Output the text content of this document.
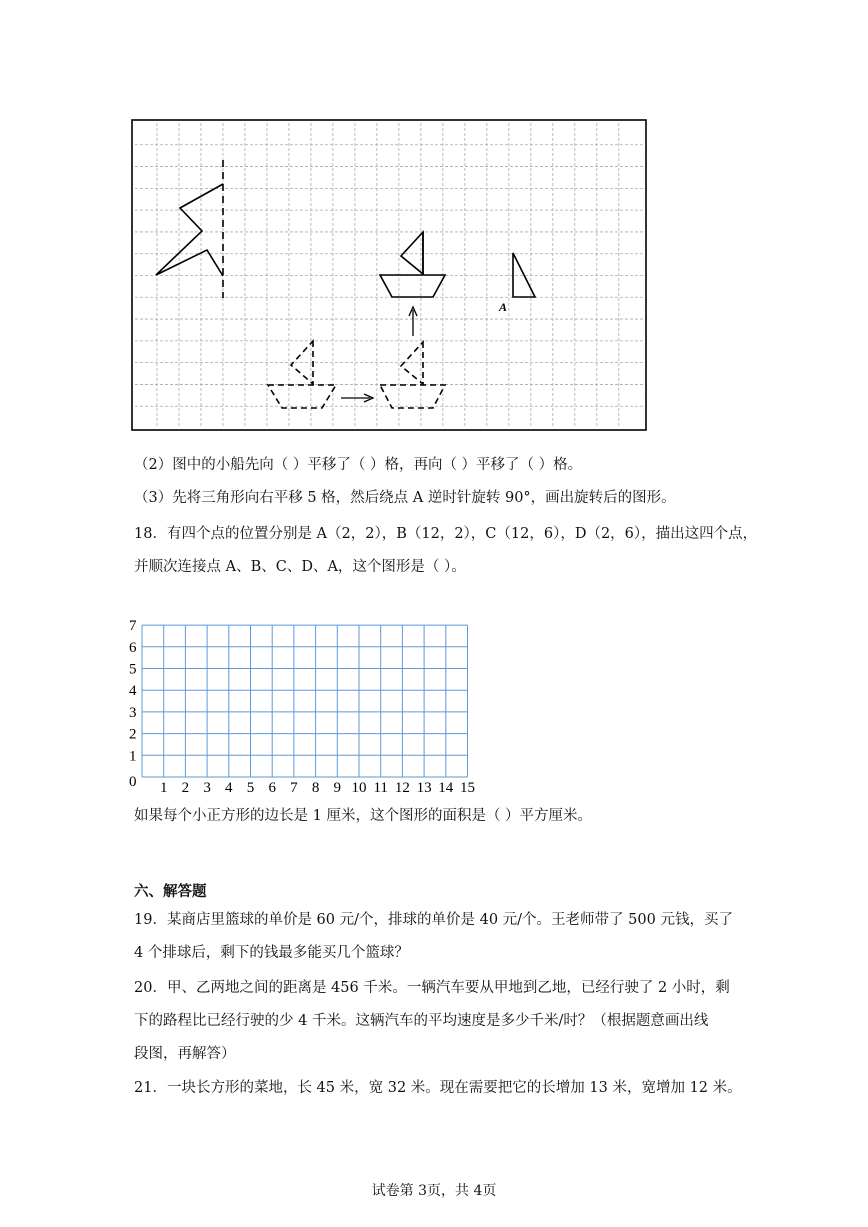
A
（2）图中的小船先向（ ）平移了（ ）格，再向（ ）平移了（ ）格。
（3）先将三角形向右平移 5 格，然后绕点 A 逆时针旋转 90°，画出旋转后的图形。
18．有四个点的位置分别是 A（2，2），B（12，2），C（12，6），D（2，6），描出这四个点，
并顺次连接点 A、B、C、D、A，这个图形是（ ）。
1 2 3 4 5 6 7 8 9 10 11 12 13 14 15
1
2
3
4
5
6
7
0
如果每个小正方形的边长是 1 厘米，这个图形的面积是（ ）平方厘米。
六、解答题
19．某商店里篮球的单价是 60 元/个，排球的单价是 40 元/个。王老师带了 500 元钱，买了
4 个排球后，剩下的钱最多能买几个篮球？
20．甲、乙两地之间的距离是 456 千米。一辆汽车要从甲地到乙地，已经行驶了 2 小时，剩
下的路程比已经行驶的少 4 千米。这辆汽车的平均速度是多少千米/时？（根据题意画出线
段图，再解答）
21．一块长方形的菜地，长 45 米，宽 32 米。现在需要把它的长增加 13 米，宽增加 12 米。
试卷第 3页，共 4页
